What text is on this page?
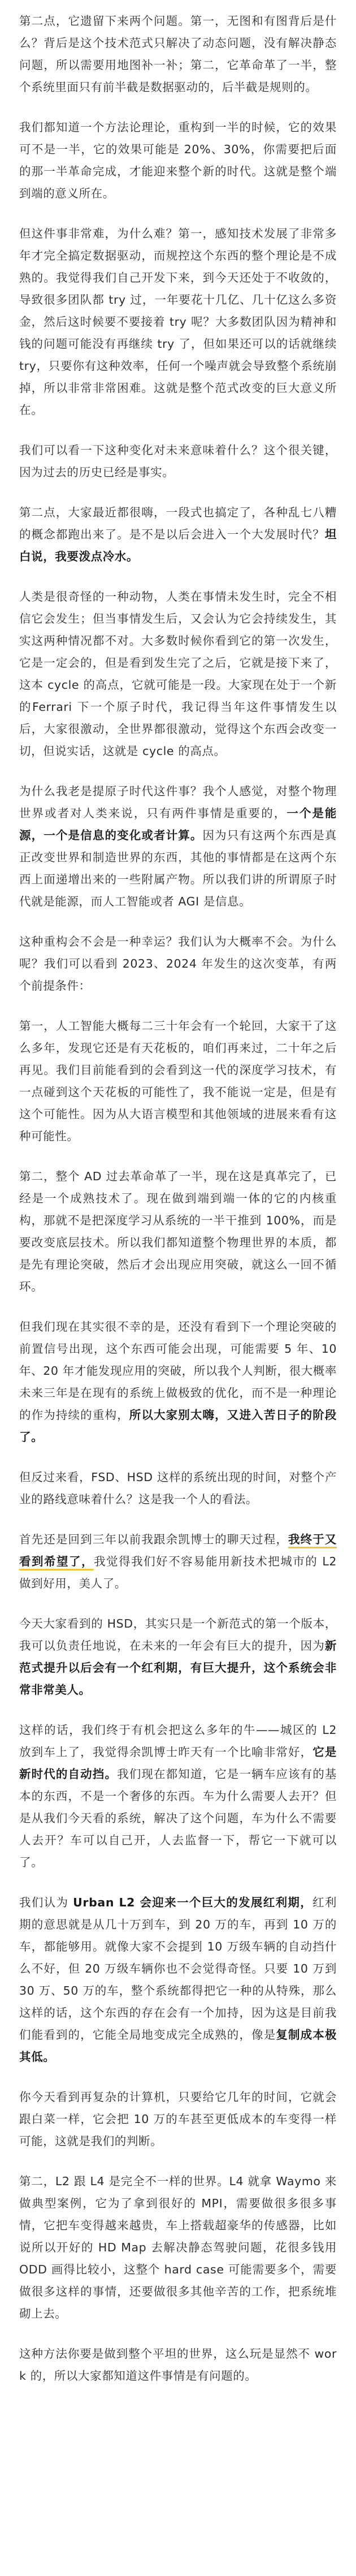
第二点，它遗留下来两个问题。第一，无图和有图背后是什么？背后是这个技术范式只解决了动态问题，没有解决静态问题，所以需要用地图补一补；第二，它革命革了一半，整个系统里面只有前半截是数据驱动的，后半截是规则的。

我们都知道一个方法论理论，重构到一半的时候，它的效果可不是一半，它的效果可能是 20%、30%，你需要把后面的那一半革命完成，才能迎来整个新的时代。这就是整个端到端的意义所在。

但这件事非常难，为什么难？第一，感知技术发展了非常多年才完全搞定数据驱动，而规控这个东西的整个理论是不成熟的。我觉得我们自己开发下来，到今天还处于不收敛的，导致很多团队都 try 过，一年要花十几亿、几十亿这么多资金，然后这时候要不要接着 try 呢？大多数团队因为精神和钱的问题可能没有再继续 try 了，但如果还可以的话就继续 try，只要你有这种效率，任何一个噪声就会导致整个系统崩掉，所以非常非常困难。这就是整个范式改变的巨大意义所在。

我们可以看一下这种变化对未来意味着什么？这个很关键，因为过去的历史已经是事实。

第二点，大家最近都很嗨，一段式也搞定了，各种乱七八糟的概念都跑出来了。是不是以后会进入一个大发展时代？坦白说，我要泼点冷水。

人类是很奇怪的一种动物，人类在事情未发生时，完全不相信它会发生；但当事情发生后，又会认为它会持续发生，其实这两种情况都不对。大多数时候你看到它的第一次发生，它是一定会的，但是看到发生完了之后，它就是接下来了，这本 cycle 的高点，它就可能是一段。大家现在处于一个新的Ferrari 下一个原子时代，我记得当年这件事情发生以后，大家很激动，全世界都很激动，觉得这个东西会改变一切，但说实话，这就是 cycle 的高点。

为什么我老是提原子时代这件事？我个人感觉，对整个物理世界或者对人类来说，只有两件事情是重要的，一个是能源，一个是信息的变化或者计算。因为只有这两个东西是真正改变世界和制造世界的东西，其他的事情都是在这两个东西上面递增出来的一些附属产物。所以我们讲的所谓原子时代就是能源，而人工智能或者 AGI 是信息。

这种重构会不会是一种幸运？我们认为大概率不会。为什么呢？我们可以看到 2023、2024 年发生的这次变革，有两个前提条件：

第一，人工智能大概每二三十年会有一个轮回，大家干了这么多年，发现它还是有天花板的，咱们再来过，二十年之后再见。我们目前能看到的会看到这一代的深度学习技术，有一点碰到这个天花板的可能性了，我不能说一定是，但是有这个可能性。因为从大语言模型和其他领域的进展来看有这种可能性。

第二，整个 AD 过去革命革了一半，现在这是真革完了，已经是一个成熟技术了。现在做到端到端一体的它的内核重构，那就不是把深度学习从系统的一半干推到 100%，而是要改变底层技术。所以我们都知道整个物理世界的本质，都是先有理论突破，然后才会出现应用突破，就这么一回不循环。

但我们现在其实很不幸的是，还没有看到下一个理论突破的前置信号出现，这个东西可能会出现，可能需要 5 年、10 年、20 年才能发现应用的突破，所以我个人判断，很大概率未来三年是在现有的系统上做极致的优化，而不是一种理论的作为持续的重构，所以大家别太嗨，又进入苦日子的阶段了。

但反过来看，FSD、HSD 这样的系统出现的时间，对整个产业的路线意味着什么？这是我一个人的看法。

首先还是回到三年以前我跟余凯博士的聊天过程，我终于又看到希望了，我觉得我们好不容易能用新技术把城市的 L2 做到好用，美人了。

今天大家看到的 HSD，其实只是一个新范式的第一个版本，我可以负责任地说，在未来的一年会有巨大的提升，因为新范式提升以后会有一个红利期，有巨大提升，这个系统会非常非常美人。

这样的话，我们终于有机会把这么多年的牛——城区的 L2 放到车上了，我觉得余凯博士昨天有一个比喻非常好，它是新时代的自动挡。我们现在都知道，它是一辆车应该有的基本的东西，不是一个奢侈的东西。车为什么需要人去开？但是从我们今天看的系统，解决了这个问题，车为什么不需要人去开？车可以自己开，人去监督一下，帮它一下就可以了。

我们认为 Urban L2 会迎来一个巨大的发展红利期，红利期的意思就是从几十万到车，到 20 万的车，再到 10 万的车，都能够用。就像大家不会提到 10 万级车辆的自动挡什么不好，但 20 万级车辆你也不会觉得奇怪。只要 10 万到 30 万、50 万的车，整个系统都得把它一种的从特殊，那么这样的话，这个东西的存在会有一个加持，因为这是目前我们能看到的，它能全局地变成完全成熟的，像是复制成本极其低。

你今天看到再复杂的计算机，只要给它几年的时间，它就会跟白菜一样，它会把 10 万的车甚至更低成本的车变得一样可能，这就是我们的判断。

第二，L2 跟 L4 是完全不一样的世界。L4 就拿 Waymo 来做典型案例，它为了拿到很好的 MPI，需要做很多很多事情，它把车变得越来越贵，车上搭载超豪华的传感器，比如说所以开好的 HD Map 去解决静态驾驶问题，花很多钱用 ODD 画得比较小，这整个 hard case 可能需要多个，需要做很多这样的事情，还要做很多其他辛苦的工作，把系统堆砌上去。

这种方法你要是做到整个平坦的世界，这么玩是显然不 work 的，所以大家都知道这件事情是有问题的。
